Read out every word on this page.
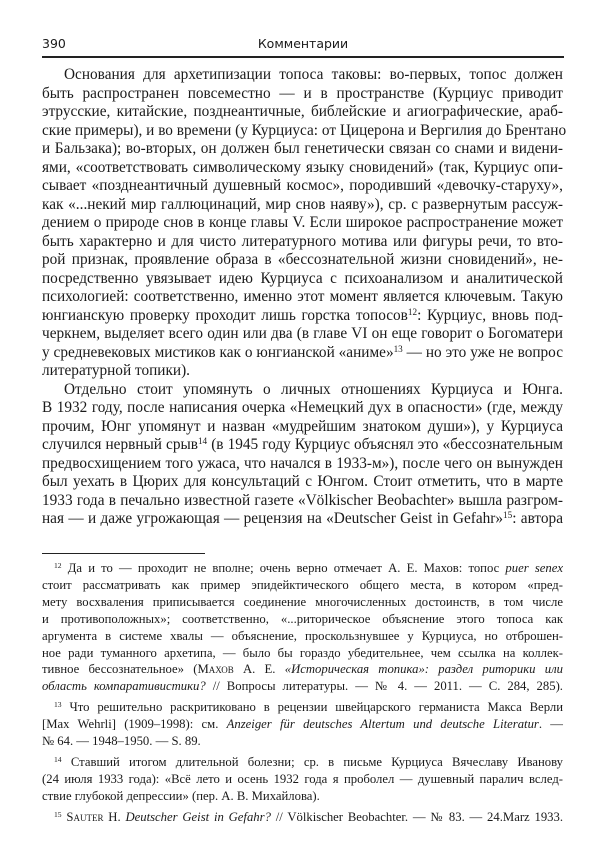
390	Комментарии
Основания для архетипизации топоса таковы: во-первых, топос должен
быть распространен повсеместно — и в пространстве (Курциус приводит
этрусские, китайские, позднеантичные, библейские и агиографические, араб-
ские примеры), и во времени (у Курциуса: от Цицерона и Вергилия до Брентано
и Бальзака); во-вторых, он должен был генетически связан со снами и видени-
ями, «соответствовать символическому языку сновидений» (так, Курциус опи-
сывает «позднеантичный душевный космос», породивший «девочку-старуху»,
как «...некий мир галлюцинаций, мир снов наяву»), ср. с развернутым рассуж-
дением о природе снов в конце главы V. Если широкое распространение может
быть характерно и для чисто литературного мотива или фигуры речи, то вто-
рой признак, проявление образа в «бессознательной жизни сновидений», не-
посредственно увязывает идею Курциуса с психоанализом и аналитической
психологией: соответственно, именно этот момент является ключевым. Такую
юнгианскую проверку проходит лишь горстка топосов$^{12}$: Курциус, вновь под-
черкнем, выделяет всего один или два (в главе VI он еще говорит о Богоматери
у средневековых мистиков как о юнгианской «аниме»$^{13}$ — но это уже не вопрос
литературной топики).
Отдельно стоит упомянуть о личных отношениях Курциуса и Юнга.
В 1932 году, после написания очерка «Немецкий дух в опасности» (где, между
прочим, Юнг упомянут и назван «мудрейшим знатоком души»), у Курциуса
случился нервный срыв$^{14}$ (в 1945 году Курциус объяснял это «бессознательным
предвосхищением того ужаса, что начался в 1933-м»), после чего он вынужден
был уехать в Цюрих для консультаций с Юнгом. Стоит отметить, что в марте
1933 года в печально известной газете «Völkischer Beobachter» вышла разгром-
ная — и даже угрожающая — рецензия на «Deutscher Geist in Gefahr»$^{15}$: автора
$^{12}$ Да и то — проходит не вполне; очень верно отмечает А. Е. Махов: топос puer senex
стоит рассматривать как пример эпидейктического общего места, в котором «пред-
мету восхваления приписывается соединение многочисленных достоинств, в том числе
и противоположных»; соответственно, «...риторическое объяснение этого топоса как
аргумента в системе хвалы — объяснение, проскользнувшее у Курциуса, но отброшен-
ное ради туманного архетипа, — было бы гораздо убедительнее, чем ссылка на коллек-
тивное бессознательное» (Махов А. Е. «Историческая топика»: раздел риторики или
область компаративистики? // Вопросы литературы. — № 4. — 2011. — С. 284, 285).
$^{13}$ Что решительно раскритиковано в рецензии швейцарского германиста Макса Верли
[Max Wehrli] (1909–1998): см. Anzeiger für deutsches Altertum und deutsche Literatur. —
№ 64. — 1948–1950. — S. 89.
$^{14}$ Ставший итогом длительной болезни; ср. в письме Курциуса Вячеславу Иванову
(24 июля 1933 года): «Всё лето и осень 1932 года я проболел — душевный паралич вслед-
ствие глубокой депрессии» (пер. А. В. Михайлова).
$^{15}$ Sauter H. Deutscher Geist in Gefahr? // Völkischer Beobachter. — № 83. — 24.Marz 1933.
